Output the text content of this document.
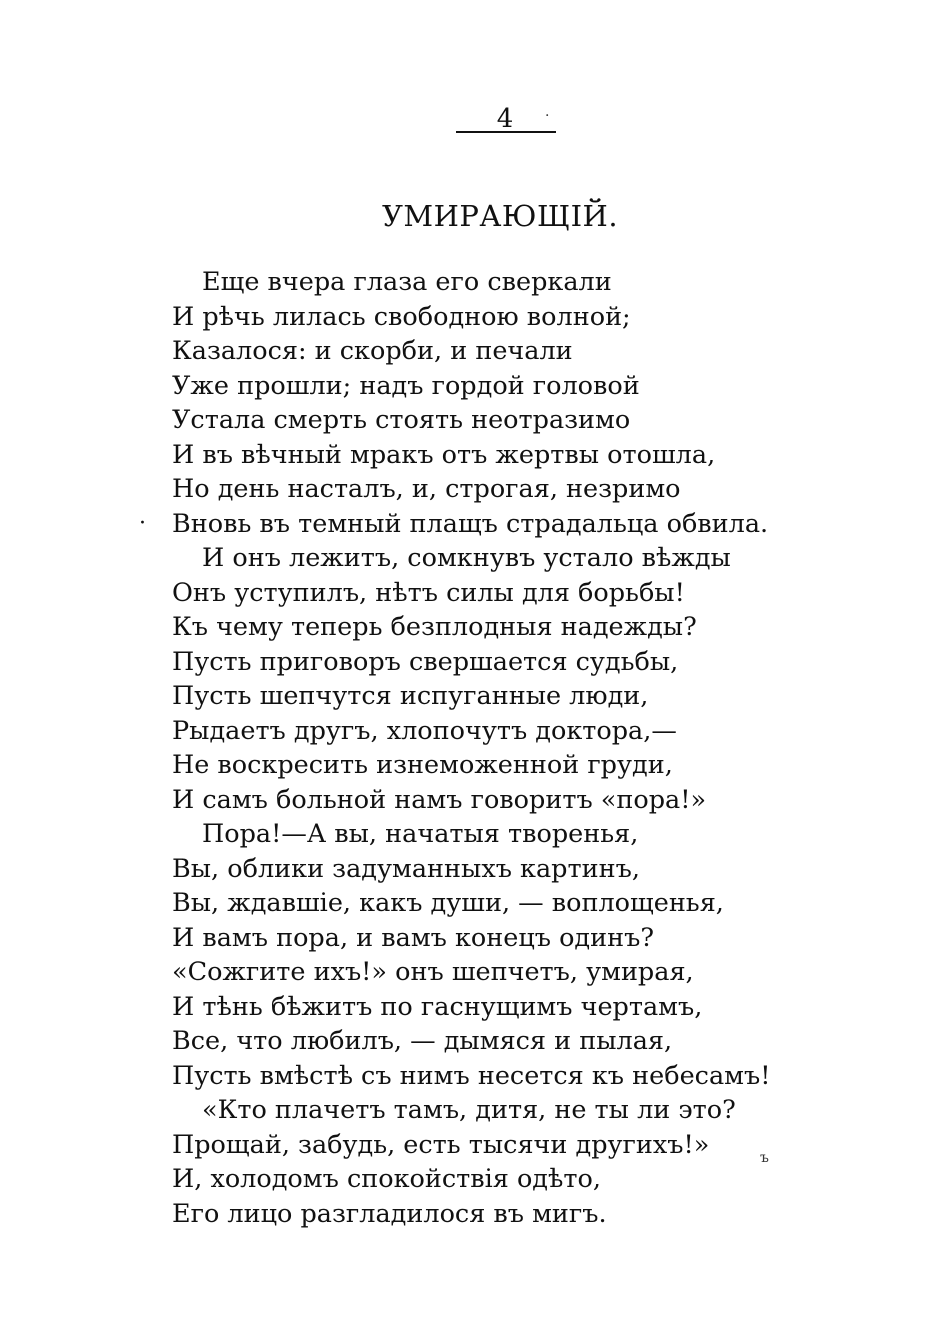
4
УМИРАЮЩІЙ.
Еще вчера глаза его сверкали
И рѣчь лилась свободною волной;
Казалося: и скорби, и печали
Уже прошли; надъ гордой головой
Устала смерть стоять неотразимо
И въ вѣчный мракъ отъ жертвы отошла,
Но день насталъ, и, строгая, незримо
· Вновь въ темный плащъ страдальца обвила.
И онъ лежитъ, сомкнувъ устало вѣжды
Онъ уступилъ, нѣтъ силы для борьбы!
Къ чему теперь безплодныя надежды?
Пусть приговоръ свершается судьбы,
Пусть шепчутся испуганные люди,
Рыдаетъ другъ, хлопочутъ доктора,—
Не воскресить изнеможенной груди,
И самъ больной намъ говоритъ «пора!»
Пора!—А вы, начатыя творенья,
Вы, облики задуманныхъ картинъ,
Вы, ждавшіе, какъ души, — воплощенья,
И вамъ пора, и вамъ конецъ одинъ?
«Сожгите ихъ!» онъ шепчетъ, умирая,
И тѣнь бѣжитъ по гаснущимъ чертамъ,
Все, что любилъ, — дымяся и пылая,
Пусть вмѣстѣ съ нимъ несется къ небесамъ!
«Кто плачетъ тамъ, дитя, не ты ли это?
Прощай, забудь, есть тысячи другихъ!»
И, холодомъ спокойствія одѣто,
Его лицо разгладилося въ мигъ.
·
ъ
